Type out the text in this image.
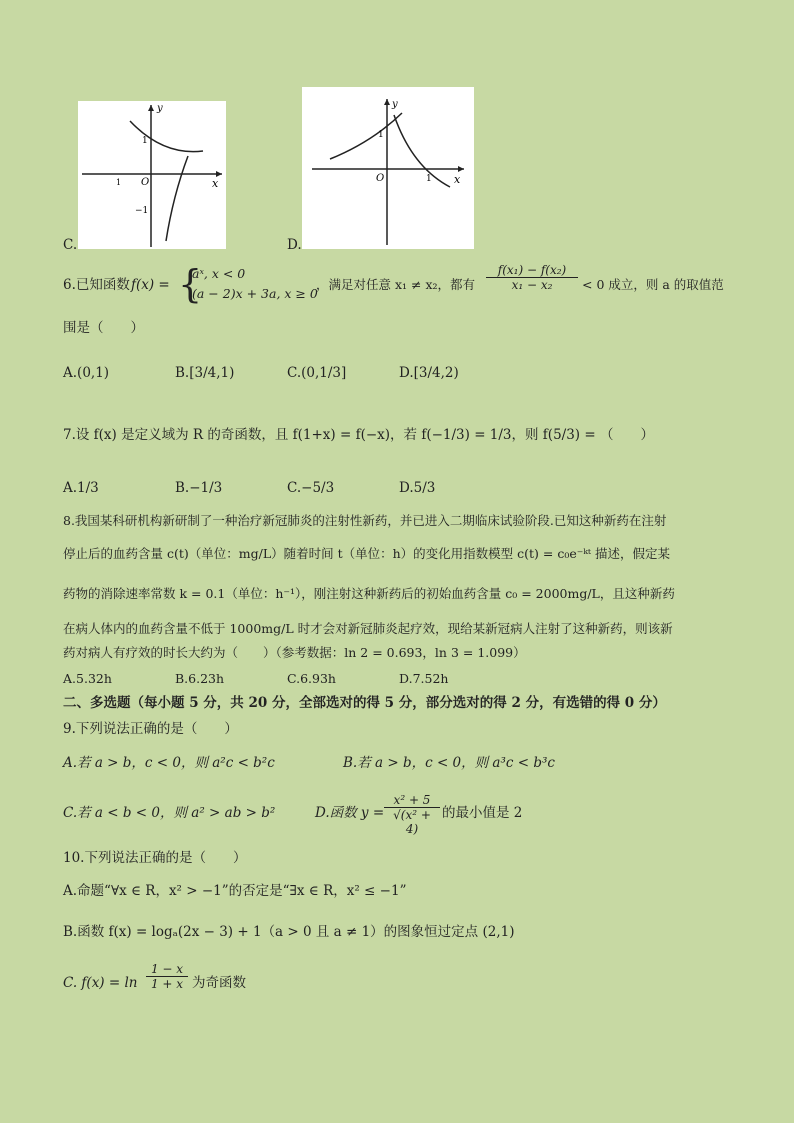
C.
y
x
O
1
−1
1
D.
y
x
O
1
1
6.已知函数 f(x) = {
aˣ, x < 0
(a − 2)x + 3a, x ≥ 0
，满足对任意 x₁ ≠ x₂，都有 $\frac{\text{f(x₁) − f(x₂)}}{\text{x₁ − x₂}} < 0$ 成立，则 a 的取值范
围是（　　）
A.(0,1)	B.[3/4,1)	C.(0,1/3]	D.[3/4,2)
7.设 f(x) 是定义域为 R 的奇函数，且 f(1+x) = f(−x)，若 f(−1/3) = 1/3，则 f(5/3) = （　　）
A.1/3	B.−1/3	C.−5/3	D.5/3
8.我国某科研机构新研制了一种治疗新冠肺炎的注射性新药，并已进入二期临床试验阶段.已知这种新药在注射
停止后的血药含量 c(t)（单位：mg/L）随着时间 t（单位：h）的变化用指数模型 c(t) = c₀e⁻ᵏᵗ 描述，假定某
药物的消除速率常数 k = 0.1（单位：h⁻¹），刚注射这种新药后的初始血药含量 c₀ = 2000mg/L，且这种新药
在病人体内的血药含量不低于 1000mg/L 时才会对新冠肺炎起疗效，现给某新冠病人注射了这种新药，则该新
药对病人有疗效的时长大约为（　　）（参考数据：ln 2 = 0.693，ln 3 = 1.099）
A.5.32h	B.6.23h	C.6.93h	D.7.52h
二、多选题（每小题 5 分，共 20 分，全部选对的得 5 分，部分选对的得 2 分，有选错的得 0 分）
9.下列说法正确的是（　　）
A.若 a > b，c < 0，则 a²c < b²c	B.若 a > b，c < 0，则 a³c < b³c
C.若 a < b < 0，则 a² > ab > b²	D.函数 $y = \frac{\text{x² + 5}}{\text{√(x² + 4)}}$ 的最小值是 2
10.下列说法正确的是（　　）
A.命题“∀x ∈ R，x² > −1”的否定是“∃x ∈ R，x² ≤ −1”
B.函数 f(x) = logₐ(2x − 3) + 1（a > 0 且 a ≠ 1）的图象恒过定点 (2,1)
C. $f(x) = \ln \frac{1 - x}{1 + x}$ 为奇函数
